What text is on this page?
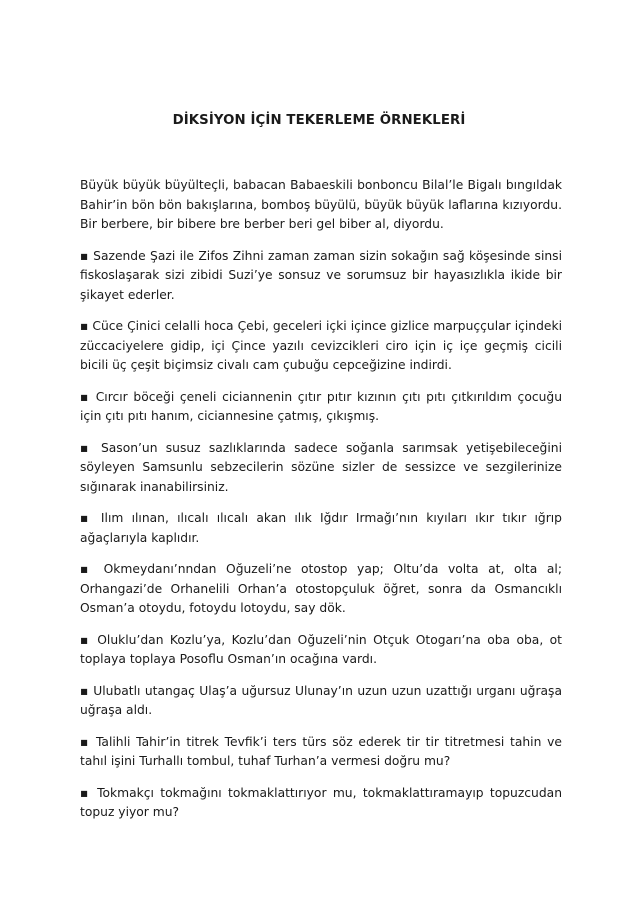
DİKSİYON İÇİN TEKERLEME ÖRNEKLERİ

Büyük büyük büyülteçli, babacan Babaeskili bonboncu Bilal’le Bigalı bıngıldak Bahir’in bön bön bakışlarına, bomboş büyülü, büyük büyük laflarına kızıyordu. Bir berbere, bir bibere bre berber beri gel biber al, diyordu.

▪ Sazende Şazi ile Zifos Zihni zaman zaman sizin sokağın sağ köşesinde sinsi fiskoslaşarak sizi zibidi Suzi’ye sonsuz ve sorumsuz bir hayasızlıkla ikide bir şikayet ederler.

▪ Cüce Çinici celalli hoca Çebi, geceleri içki içince gizlice marpuççular içindeki züccaciyelere gidip, içi Çince yazılı cevizcikleri ciro için iç içe geçmiş cicili bicili üç çeşit biçimsiz civalı cam çubuğu cepceğizine indirdi.

▪ Cırcır böceği çeneli ciciannenin çıtır pıtır kızının çıtı pıtı çıtkırıldım çocuğu için çıtı pıtı hanım, ciciannesine çatmış, çıkışmış.

▪ Sason’un susuz sazlıklarında sadece soğanla sarımsak yetişebileceğini söyleyen Samsunlu sebzecilerin sözüne sizler de sessizce ve sezgilerinize sığınarak inanabilirsiniz.

▪ Ilım ılınan, ılıcalı ılıcalı akan ılık Iğdır Irmağı’nın kıyıları ıkır tıkır ığrıp ağaçlarıyla kaplıdır.

▪ Okmeydanı’nndan Oğuzeli’ne otostop yap; Oltu’da volta at, olta al; Orhangazi’de Orhanelili Orhan’a otostopçuluk öğret, sonra da Osmancıklı Osman’a otoydu, fotoydu lotoydu, say dök.

▪ Oluklu’dan Kozlu’ya, Kozlu’dan Oğuzeli’nin Otçuk Otogarı’na oba oba, ot toplaya toplaya Posoflu Osman’ın ocağına vardı.

▪ Ulubatlı utangaç Ulaş’a uğursuz Ulunay’ın uzun uzun uzattığı urganı uğraşa uğraşa aldı.

▪ Talihli Tahir’in titrek Tevfik’i ters türs söz ederek tir tir titretmesi tahin ve tahıl işini Turhallı tombul, tuhaf Turhan’a vermesi doğru mu?

▪ Tokmakçı tokmağını tokmaklattırıyor mu, tokmaklattıramayıp topuzcudan topuz yiyor mu?
